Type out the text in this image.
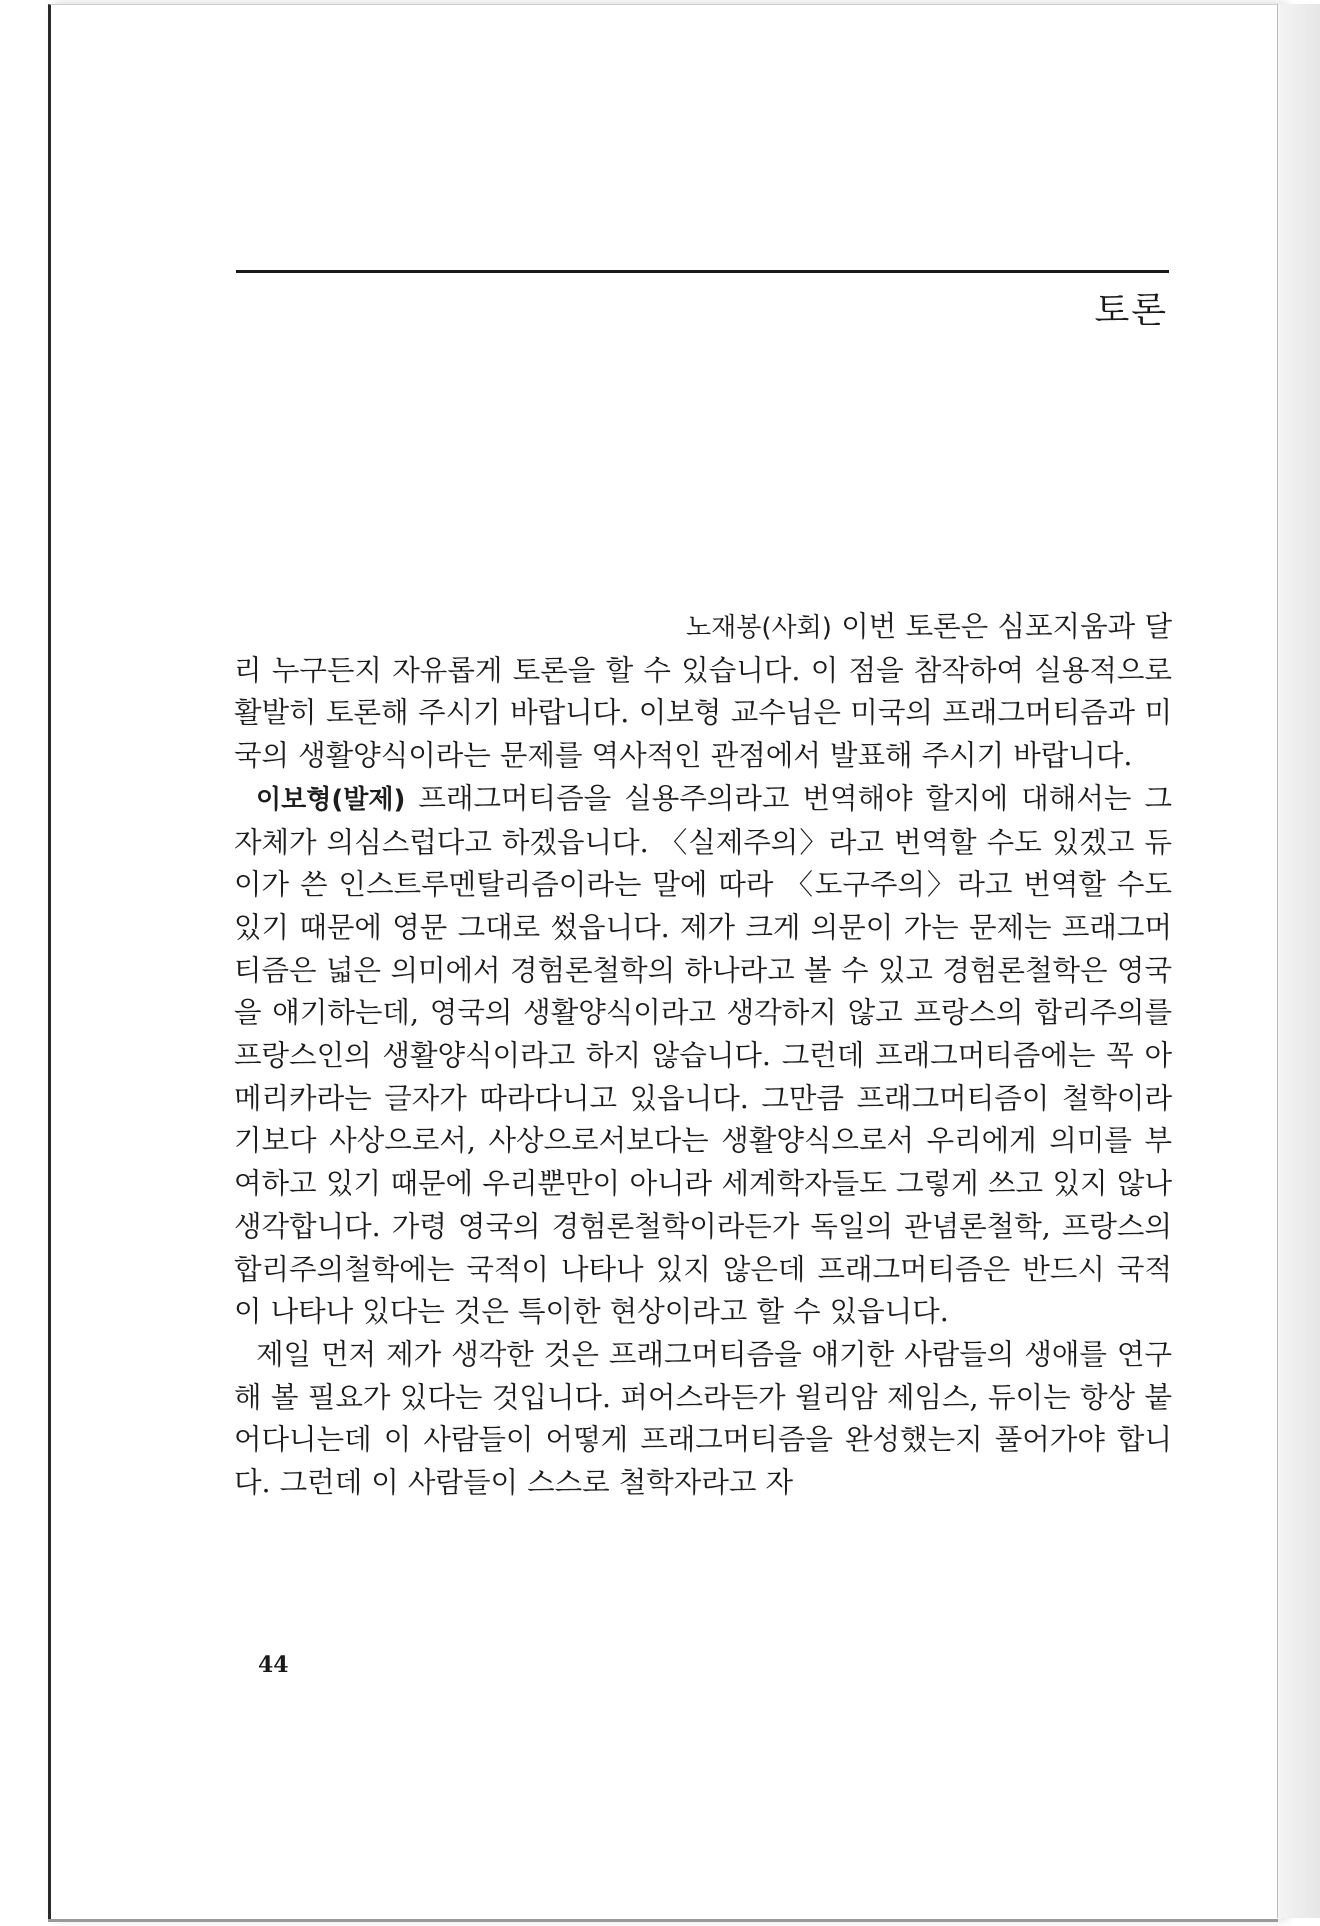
토론

노재봉(사회) 이번 토론은 심포지움과 달리 누구든지 자유롭게 토론을 할 수 있습니다. 이 점을 참작하여 실용적으로 활발히 토론해 주시기 바랍니다. 이보형 교수님은 미국의 프래그머티즘과 미국의 생활양식이라는 문제를 역사적인 관점에서 발표해 주시기 바랍니다.

이보형(발제) 프래그머티즘을 실용주의라고 번역해야 할지에 대해서는 그 자체가 의심스럽다고 하겠읍니다. 〈실제주의〉라고 번역할 수도 있겠고 듀이가 쓴 인스트루멘탈리즘이라는 말에 따라 〈도구주의〉라고 번역할 수도 있기 때문에 영문 그대로 썼읍니다. 제가 크게 의문이 가는 문제는 프래그머티즘은 넓은 의미에서 경험론철학의 하나라고 볼 수 있고 경험론철학은 영국을 얘기하는데, 영국의 생활양식이라고 생각하지 않고 프랑스의 합리주의를 프랑스인의 생활양식이라고 하지 않습니다. 그런데 프래그머티즘에는 꼭 아메리카라는 글자가 따라다니고 있읍니다. 그만큼 프래그머티즘이 철학이라기보다 사상으로서, 사상으로서보다는 생활양식으로서 우리에게 의미를 부여하고 있기 때문에 우리뿐만이 아니라 세계학자들도 그렇게 쓰고 있지 않나 생각합니다. 가령 영국의 경험론철학이라든가 독일의 관념론철학, 프랑스의 합리주의철학에는 국적이 나타나 있지 않은데 프래그머티즘은 반드시 국적이 나타나 있다는 것은 특이한 현상이라고 할 수 있읍니다.

제일 먼저 제가 생각한 것은 프래그머티즘을 얘기한 사람들의 생애를 연구해 볼 필요가 있다는 것입니다. 퍼어스라든가 윌리암 제임스, 듀이는 항상 붙어다니는데 이 사람들이 어떻게 프래그머티즘을 완성했는지 풀어가야 합니다. 그런데 이 사람들이 스스로 철학자라고 자

44
